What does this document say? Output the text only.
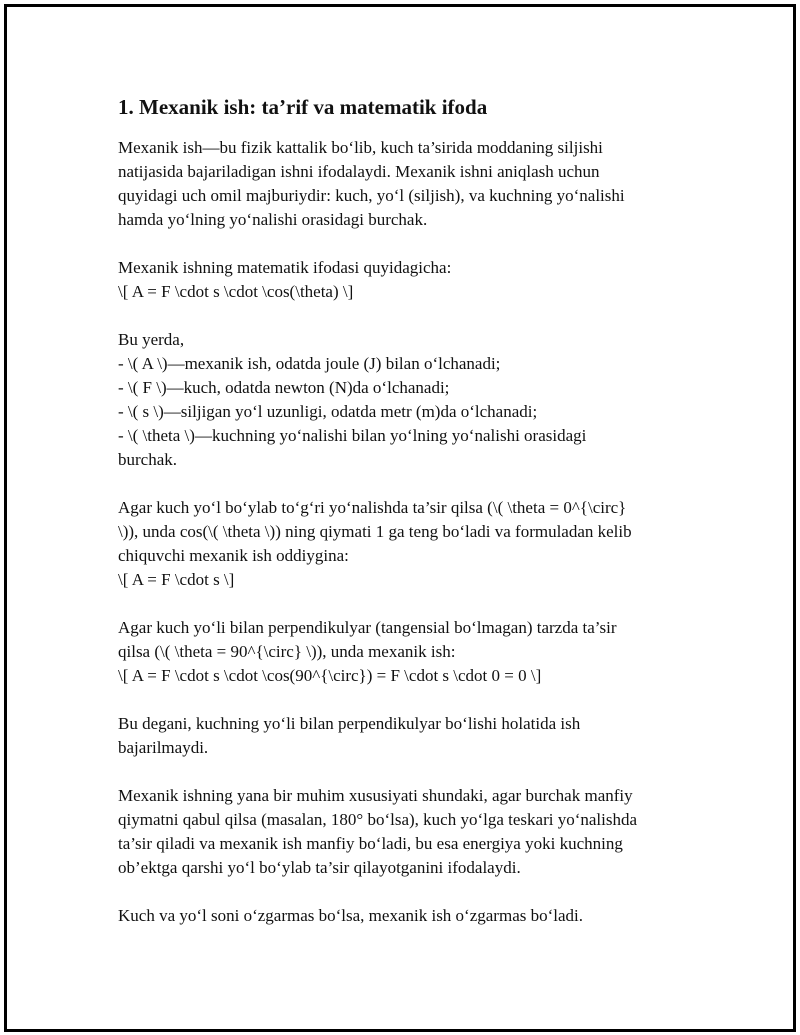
1. Mexanik ish: ta’rif va matematik ifoda

Mexanik ish—bu fizik kattalik bo‘lib, kuch ta’sirida moddaning siljishi
natijasida bajariladigan ishni ifodalaydi. Mexanik ishni aniqlash uchun
quyidagi uch omil majburiydir: kuch, yo‘l (siljish), va kuchning yo‘nalishi
hamda yo‘lning yo‘nalishi orasidagi burchak.

Mexanik ishning matematik ifodasi quyidagicha:
\[ A = F \cdot s \cdot \cos(\theta) \]

Bu yerda,
- \( A \)—mexanik ish, odatda joule (J) bilan o‘lchanadi;
- \( F \)—kuch, odatda newton (N)da o‘lchanadi;
- \( s \)—siljigan yo‘l uzunligi, odatda metr (m)da o‘lchanadi;
- \( \theta \)—kuchning yo‘nalishi bilan yo‘lning yo‘nalishi orasidagi
burchak.

Agar kuch yo‘l bo‘ylab to‘g‘ri yo‘nalishda ta’sir qilsa (\( \theta = 0^{\circ}
\)), unda cos(\( \theta \)) ning qiymati 1 ga teng bo‘ladi va formuladan kelib
chiquvchi mexanik ish oddiygina:
\[ A = F \cdot s \]

Agar kuch yo‘li bilan perpendikulyar (tangensial bo‘lmagan) tarzda ta’sir
qilsa (\( \theta = 90^{\circ} \)), unda mexanik ish:
\[ A = F \cdot s \cdot \cos(90^{\circ}) = F \cdot s \cdot 0 = 0 \]

Bu degani, kuchning yo‘li bilan perpendikulyar bo‘lishi holatida ish
bajarilmaydi.

Mexanik ishning yana bir muhim xususiyati shundaki, agar burchak manfiy
qiymatni qabul qilsa (masalan, 180° bo‘lsa), kuch yo‘lga teskari yo‘nalishda
ta’sir qiladi va mexanik ish manfiy bo‘ladi, bu esa energiya yoki kuchning
ob’ektga qarshi yo‘l bo‘ylab ta’sir qilayotganini ifodalaydi.

Kuch va yo‘l soni o‘zgarmas bo‘lsa, mexanik ish o‘zgarmas bo‘ladi.
